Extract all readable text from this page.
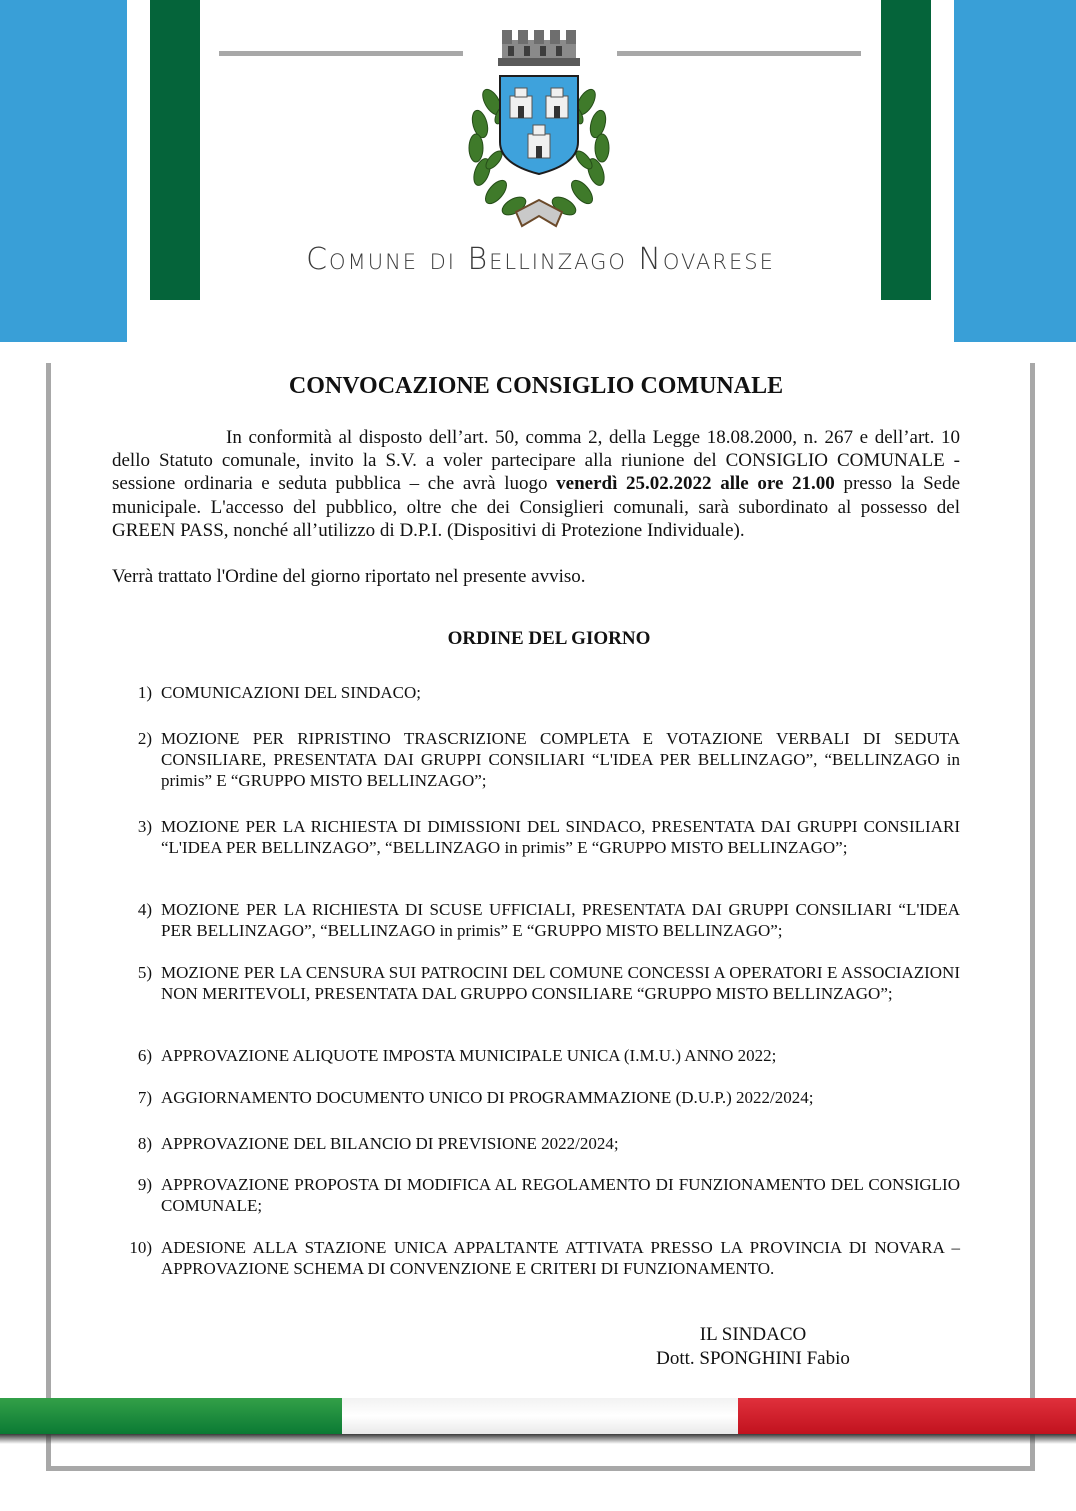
Comune di Bellinzago Novarese
CONVOCAZIONE CONSIGLIO COMUNALE
In conformità al disposto dell’art. 50, comma 2, della Legge 18.08.2000, n. 267 e dell’art. 10 dello Statuto comunale, invito la S.V. a voler partecipare alla riunione del CONSIGLIO COMUNALE - sessione ordinaria e seduta pubblica – che avrà luogo venerdì 25.02.2022 alle ore 21.00 presso la Sede municipale. L'accesso del pubblico, oltre che dei Consiglieri comunali, sarà subordinato al possesso del GREEN PASS, nonché all’utilizzo di D.P.I. (Dispositivi di Protezione Individuale).
Verrà trattato l'Ordine del giorno riportato nel presente avviso.
ORDINE DEL GIORNO
1) COMUNICAZIONI DEL SINDACO;
2) MOZIONE PER RIPRISTINO TRASCRIZIONE COMPLETA E VOTAZIONE VERBALI DI SEDUTA CONSILIARE, PRESENTATA DAI GRUPPI CONSILIARI “L'IDEA PER BELLINZAGO”, “BELLINZAGO in primis” E “GRUPPO MISTO BELLINZAGO”;
3) MOZIONE PER LA RICHIESTA DI DIMISSIONI DEL SINDACO, PRESENTATA DAI GRUPPI CONSILIARI “L'IDEA PER BELLINZAGO”, “BELLINZAGO in primis” E “GRUPPO MISTO BELLINZAGO”;
4) MOZIONE PER LA RICHIESTA DI SCUSE UFFICIALI, PRESENTATA DAI GRUPPI CONSILIARI “L'IDEA PER BELLINZAGO”, “BELLINZAGO in primis” E “GRUPPO MISTO BELLINZAGO”;
5) MOZIONE PER LA CENSURA SUI PATROCINI DEL COMUNE CONCESSI A OPERATORI E ASSOCIAZIONI NON MERITEVOLI, PRESENTATA DAL GRUPPO CONSILIARE “GRUPPO MISTO BELLINZAGO”;
6) APPROVAZIONE ALIQUOTE IMPOSTA MUNICIPALE UNICA (I.M.U.) ANNO 2022;
7) AGGIORNAMENTO DOCUMENTO UNICO DI PROGRAMMAZIONE (D.U.P.) 2022/2024;
8) APPROVAZIONE DEL BILANCIO DI PREVISIONE 2022/2024;
9) APPROVAZIONE PROPOSTA DI MODIFICA AL REGOLAMENTO DI FUNZIONAMENTO DEL CONSIGLIO COMUNALE;
10) ADESIONE ALLA STAZIONE UNICA APPALTANTE ATTIVATA PRESSO LA PROVINCIA DI NOVARA – APPROVAZIONE SCHEMA DI CONVENZIONE E CRITERI DI FUNZIONAMENTO.
IL SINDACO
Dott. SPONGHINI Fabio
